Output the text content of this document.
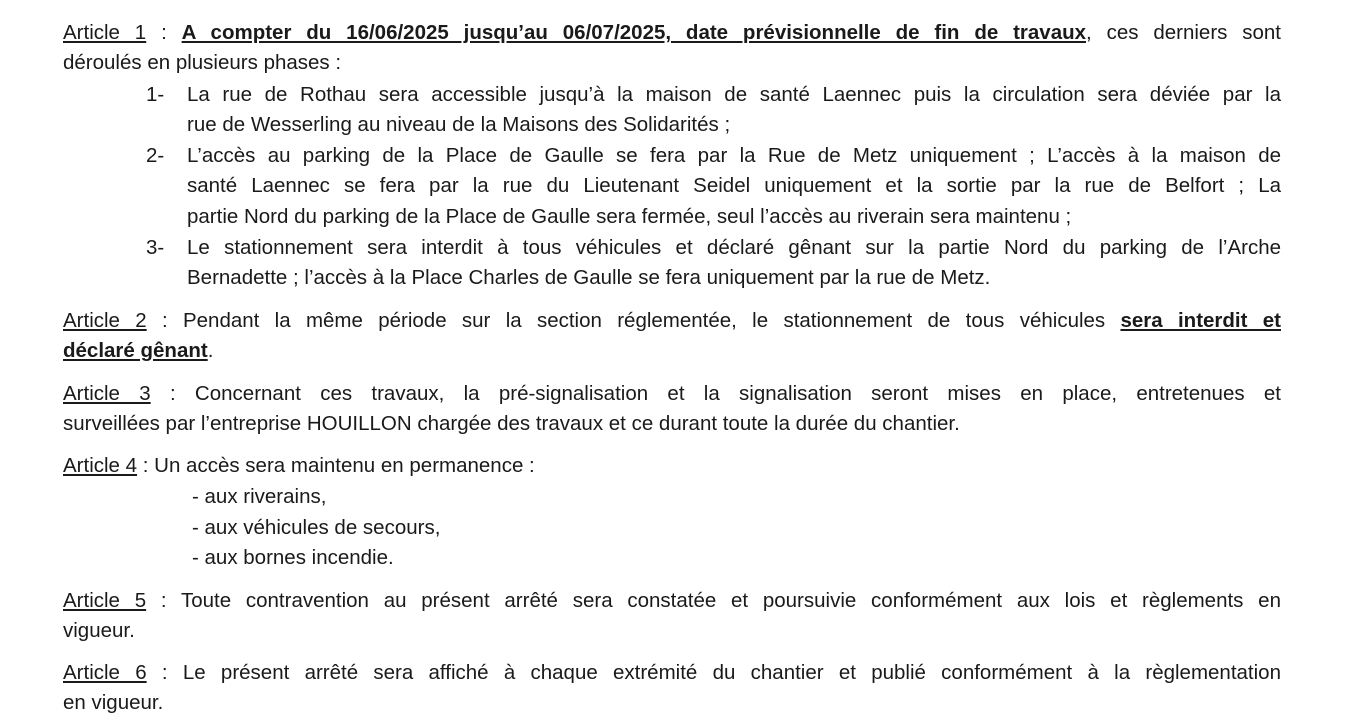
Article 1 : A compter du 16/06/2025 jusqu’au 06/07/2025, date prévisionnelle de fin de travaux, ces derniers sont
déroulés en plusieurs phases :
1- La rue de Rothau sera accessible jusqu’à la maison de santé Laennec puis la circulation sera déviée par la
rue de Wesserling au niveau de la Maisons des Solidarités ;
2- L’accès au parking de la Place de Gaulle se fera par la Rue de Metz uniquement ; L’accès à la maison de
santé Laennec se fera par la rue du Lieutenant Seidel uniquement et la sortie par la rue de Belfort ; La
partie Nord du parking de la Place de Gaulle sera fermée, seul l’accès au riverain sera maintenu ;
3- Le stationnement sera interdit à tous véhicules et déclaré gênant sur la partie Nord du parking de l’Arche
Bernadette ; l’accès à la Place Charles de Gaulle se fera uniquement par la rue de Metz.
Article 2 : Pendant la même période sur la section réglementée, le stationnement de tous véhicules sera interdit et
déclaré gênant.
Article 3 : Concernant ces travaux, la pré-signalisation et la signalisation seront mises en place, entretenues et
surveillées par l’entreprise HOUILLON chargée des travaux et ce durant toute la durée du chantier.
Article 4 : Un accès sera maintenu en permanence :
- aux riverains,
- aux véhicules de secours,
- aux bornes incendie.
Article 5 : Toute contravention au présent arrêté sera constatée et poursuivie conformément aux lois et règlements en
vigueur.
Article 6 : Le présent arrêté sera affiché à chaque extrémité du chantier et publié conformément à la règlementation
en vigueur.
